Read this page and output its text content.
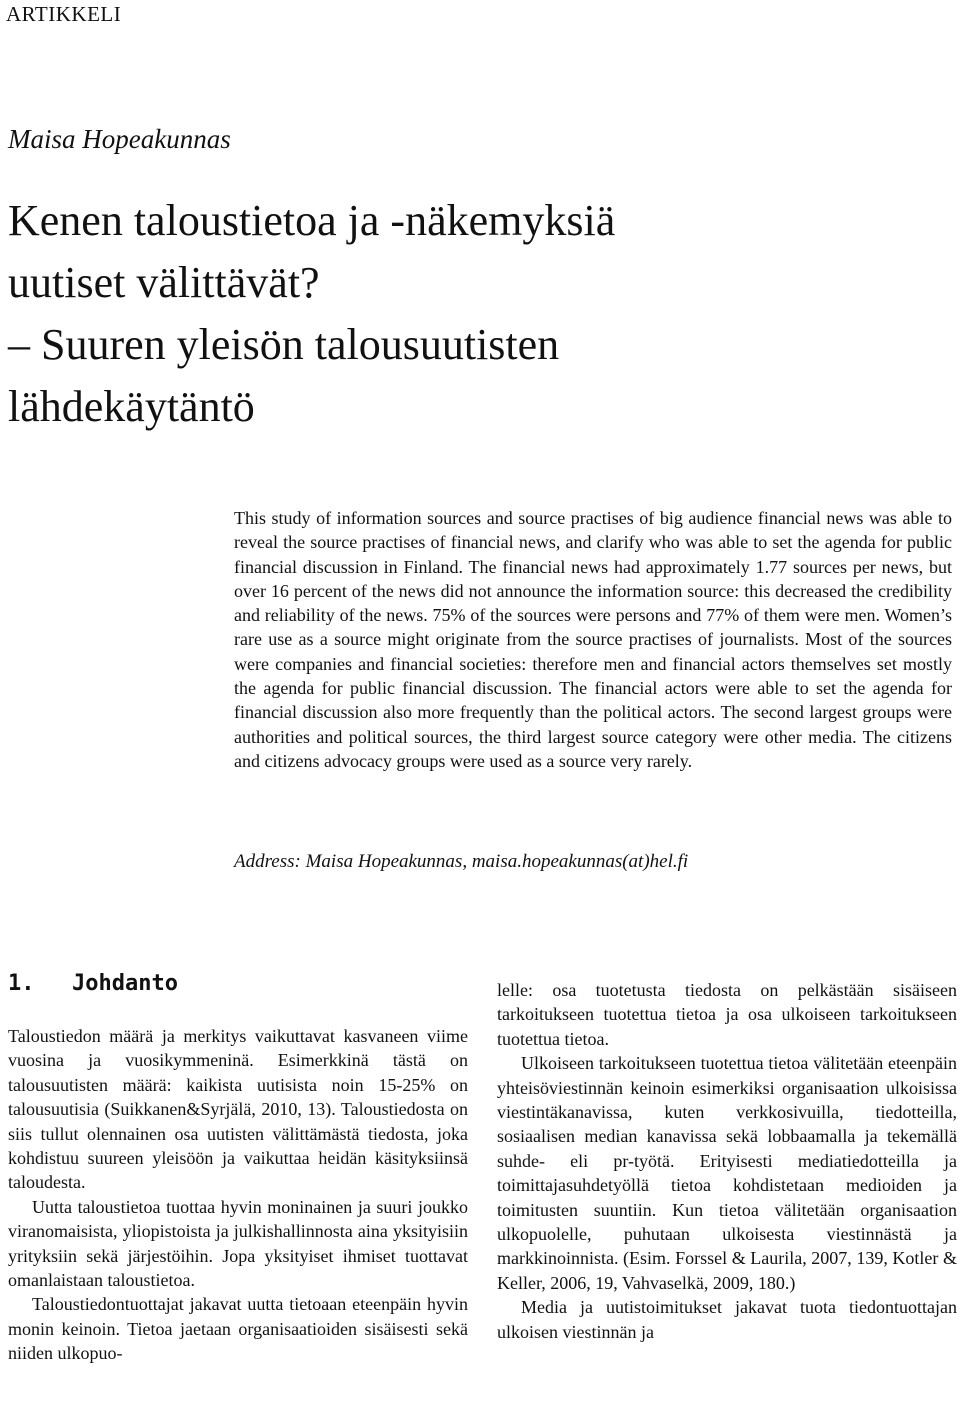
ARTIKKELI
Maisa Hopeakunnas
Kenen taloustietoa ja -näkemyksiä
uutiset välittävät?
– Suuren yleisön talousuutisten
lähdekäytäntö

This study of information sources and source practises of big audience financial news was able to reveal the source practises of financial news, and clarify who was able to set the agenda for public financial discussion in Finland. The financial news had approximately 1.77 sources per news, but over 16 percent of the news did not announce the information source: this decreased the credibility and reliability of the news. 75% of the sources were persons and 77% of them were men. Women’s rare use as a source might originate from the source practises of journalists. Most of the sources were companies and financial societies: therefore men and financial actors themselves set mostly the agenda for public financial discussion. The financial actors were able to set the agenda for financial discussion also more frequently than the political actors. The second largest groups were authorities and political sources, the third largest source category were other media. The citizens and citizens advocacy groups were used as a source very rarely.

Address: Maisa Hopeakunnas, maisa.hopeakunnas(at)hel.fi
1. Johdanto

Taloustiedon määrä ja merkitys vaikuttavat kasvaneen viime vuosina ja vuosikymmeninä. Esimerkkinä tästä on talousuutisten määrä: kaikista uutisista noin 15-25% on talousuutisia (Suikkanen&Syrjälä, 2010, 13). Taloustiedosta on siis tullut olennainen osa uutisten välittämästä tiedosta, joka kohdistuu suureen yleisöön ja vaikuttaa heidän käsityksiinsä taloudesta.

Uutta taloustietoa tuottaa hyvin moninainen ja suuri joukko viranomaisista, yliopistoista ja julkishallinnosta aina yksityisiin yrityksiin sekä järjestöihin. Jopa yksityiset ihmiset tuottavat omanlaistaan taloustietoa.

Taloustiedontuottajat jakavat uutta tietoaan eteenpäin hyvin monin keinoin. Tietoa jaetaan organisaatioiden sisäisesti sekä niiden ulkopuo-

lelle: osa tuotetusta tiedosta on pelkästään sisäiseen tarkoitukseen tuotettua tietoa ja osa ulkoiseen tarkoitukseen tuotettua tietoa.

Ulkoiseen tarkoitukseen tuotettua tietoa välitetään eteenpäin yhteisöviestinnän keinoin esimerkiksi organisaation ulkoisissa viestintäkanavissa, kuten verkkosivuilla, tiedotteilla, sosiaalisen median kanavissa sekä lobbaamalla ja tekemällä suhde- eli pr-työtä. Erityisesti mediatiedotteilla ja toimittajasuhdetyöllä tietoa kohdistetaan medioiden ja toimitusten suuntiin. Kun tietoa välitetään organisaation ulkopuolelle, puhutaan ulkoisesta viestinnästä ja markkinoinnista. (Esim. Forssel & Laurila, 2007, 139, Kotler & Keller, 2006, 19, Vahvaselkä, 2009, 180.)

Media ja uutistoimitukset jakavat tuota tiedontuottajan ulkoisen viestinnän ja
